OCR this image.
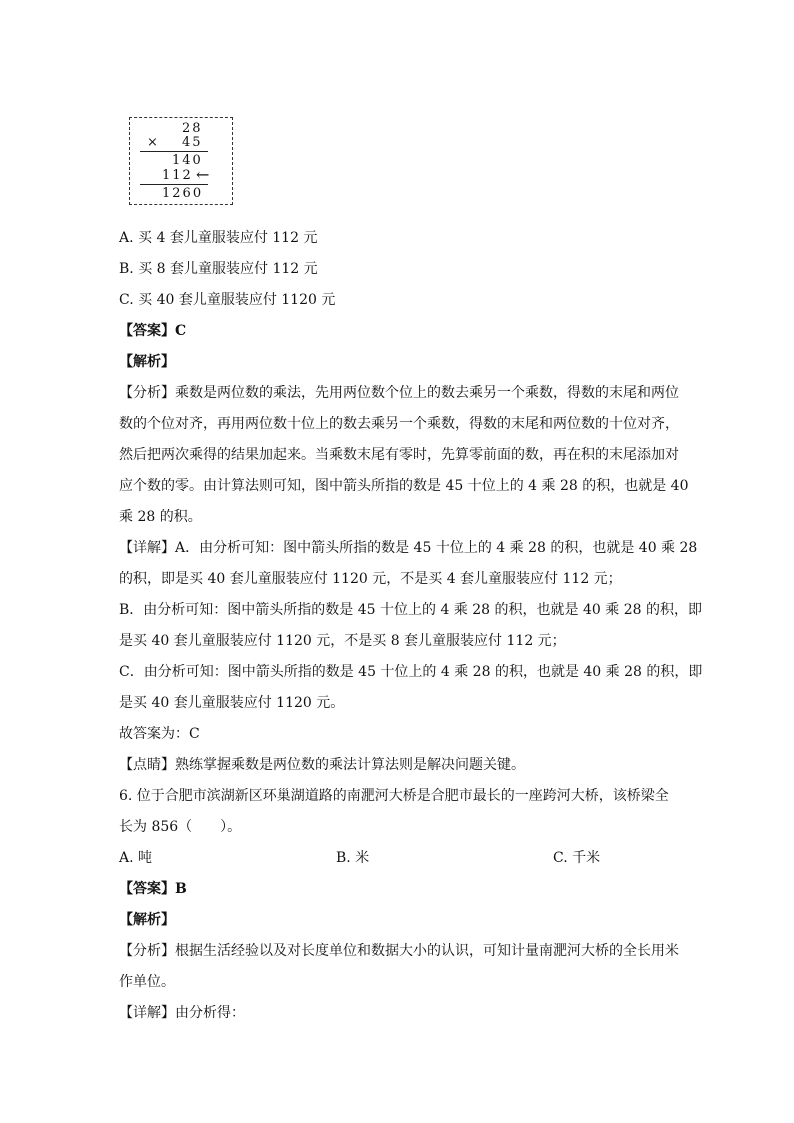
28
× 45
140
112 ←
1260
A. 买 4 套儿童服装应付 112 元
B. 买 8 套儿童服装应付 112 元
C. 买 40 套儿童服装应付 1120 元
【答案】C
【解析】
【分析】乘数是两位数的乘法，先用两位数个位上的数去乘另一个乘数，得数的末尾和两位
数的个位对齐，再用两位数十位上的数去乘另一个乘数，得数的末尾和两位数的十位对齐，
然后把两次乘得的结果加起来。当乘数末尾有零时，先算零前面的数，再在积的末尾添加对
应个数的零。由计算法则可知，图中箭头所指的数是 45 十位上的 4 乘 28 的积，也就是 40
乘 28 的积。
【详解】A．由分析可知：图中箭头所指的数是 45 十位上的 4 乘 28 的积，也就是 40 乘 28
的积，即是买 40 套儿童服装应付 1120 元，不是买 4 套儿童服装应付 112 元；
B．由分析可知：图中箭头所指的数是 45 十位上的 4 乘 28 的积，也就是 40 乘 28 的积，即
是买 40 套儿童服装应付 1120 元，不是买 8 套儿童服装应付 112 元；
C．由分析可知：图中箭头所指的数是 45 十位上的 4 乘 28 的积，也就是 40 乘 28 的积，即
是买 40 套儿童服装应付 1120 元。
故答案为：C
【点睛】熟练掌握乘数是两位数的乘法计算法则是解决问题关键。
6. 位于合肥市滨湖新区环巢湖道路的南淝河大桥是合肥市最长的一座跨河大桥，该桥梁全
长为 856（　　）。
A. 吨	B. 米	C. 千米
【答案】B
【解析】
【分析】根据生活经验以及对长度单位和数据大小的认识，可知计量南淝河大桥的全长用米
作单位。
【详解】由分析得：
